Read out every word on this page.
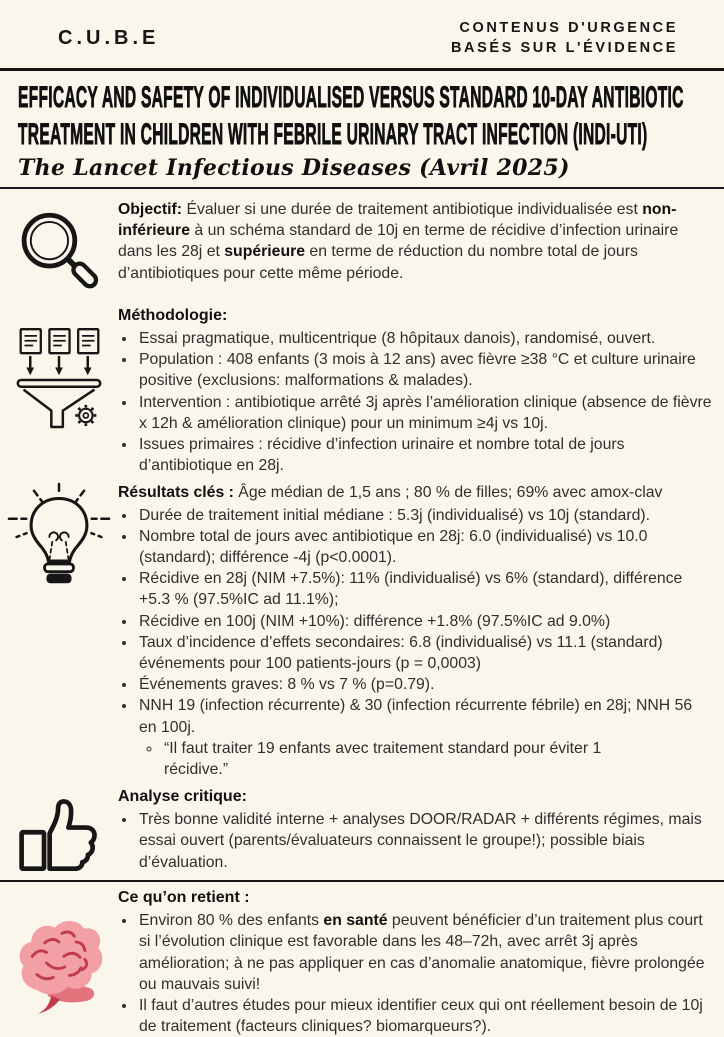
C.U.B.E	CONTENUS D'URGENCE
BASÉS SUR L'ÉVIDENCE
EFFICACY AND SAFETY OF INDIVIDUALISED VERSUS STANDARD 10-DAY ANTIBIOTIC
TREATMENT IN CHILDREN WITH FEBRILE URINARY TRACT INFECTION (INDI-UTI)
The Lancet Infectious Diseases (Avril 2025)

Objectif: Évaluer si une durée de traitement antibiotique individualisée est non-inférieure à un schéma standard de 10j en terme de récidive d’infection urinaire dans les 28j et supérieure en terme de réduction du nombre total de jours d’antibiotiques pour cette même période.

Méthodologie:
• Essai pragmatique, multicentrique (8 hôpitaux danois), randomisé, ouvert.
• Population : 408 enfants (3 mois à 12 ans) avec fièvre ≥38 °C et culture urinaire positive (exclusions: malformations & malades).
• Intervention : antibiotique arrêté 3j après l’amélioration clinique (absence de fièvre x 12h & amélioration clinique) pour un minimum ≥4j vs 10j.
• Issues primaires : récidive d’infection urinaire et nombre total de jours d’antibiotique en 28j.

Résultats clés : Âge médian de 1,5 ans ; 80 % de filles; 69% avec amox-clav

• Durée de traitement initial médiane : 5.3j (individualisé) vs 10j (standard).
• Nombre total de jours avec antibiotique en 28j: 6.0 (individualisé) vs 10.0 (standard); différence -4j (p<0.0001).
• Récidive en 28j (NIM +7.5%): 11% (individualisé) vs 6% (standard), différence +5.3 % (97.5%IC ad 11.1%);
• Récidive en 100j (NIM +10%): différence +1.8% (97.5%IC ad 9.0%)
• Taux d’incidence d’effets secondaires: 6.8 (individualisé) vs 11.1 (standard) événements pour 100 patients-jours (p = 0,0003)
• Événements graves: 8 % vs 7 % (p=0.79).
• NNH 19 (infection récurrente) & 30 (infection récurrente fébrile) en 28j; NNH 56 en 100j.
◦ “Il faut traiter 19 enfants avec traitement standard pour éviter 1 récidive.”
Analyse critique:
• Très bonne validité interne + analyses DOOR/RADAR + différents régimes, mais essai ouvert (parents/évaluateurs connaissent le groupe!); possible biais d’évaluation.
Ce qu’on retient :
• Environ 80 % des enfants en santé peuvent bénéficier d’un traitement plus court si l’évolution clinique est favorable dans les 48–72h, avec arrêt 3j après amélioration; à ne pas appliquer en cas d’anomalie anatomique, fièvre prolongée ou mauvais suivi!
• Il faut d’autres études pour mieux identifier ceux qui ont réellement besoin de 10j de traitement (facteurs cliniques? biomarqueurs?).
